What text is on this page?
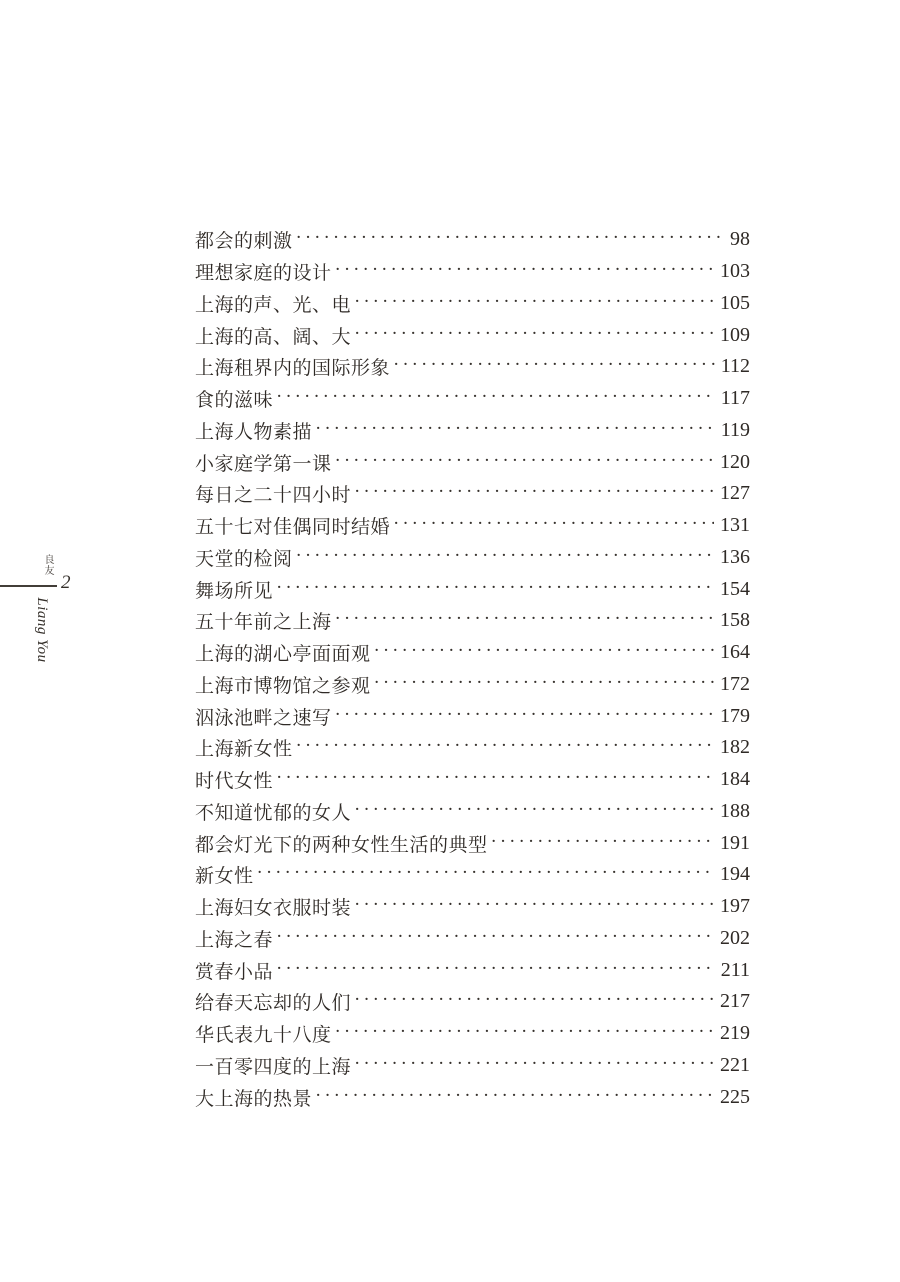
良友
2
Liang You
都会的刺激 ·····	98
理想家庭的设计 ·····	103
上海的声、光、电 ·····	105
上海的高、阔、大 ·····	109
上海租界内的国际形象 ·····	112
食的滋味 ·····	117
上海人物素描 ·····	119
小家庭学第一课 ·····	120
每日之二十四小时 ·····	127
五十七对佳偶同时结婚 ·····	131
天堂的检阅 ·····	136
舞场所见 ·····	154
五十年前之上海 ·····	158
上海的湖心亭面面观 ·····	164
上海市博物馆之参观 ·····	172
泅泳池畔之速写 ·····	179
上海新女性 ·····	182
时代女性 ·····	184
不知道忧郁的女人 ·····	188
都会灯光下的两种女性生活的典型 ·····	191
新女性 ·····	194
上海妇女衣服时装 ·····	197
上海之春 ·····	202
赏春小品 ·····	211
给春天忘却的人们 ·····	217
华氏表九十八度 ·····	219
一百零四度的上海 ·····	221
大上海的热景 ·····	225
